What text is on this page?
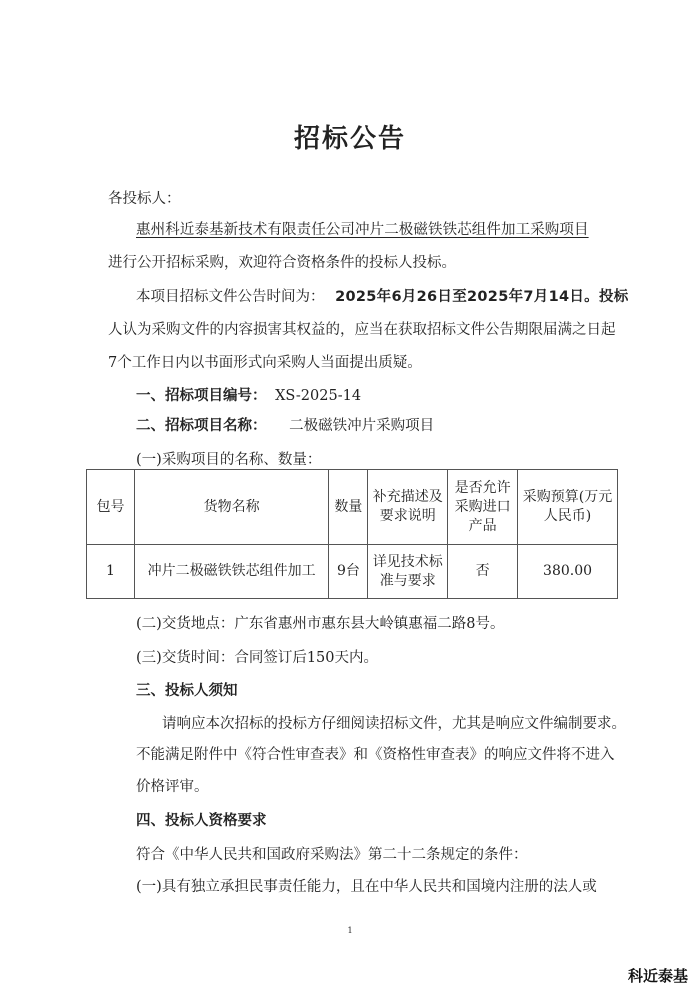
招标公告
各投标人：
惠州科近泰基新技术有限责任公司冲片二极磁铁铁芯组件加工采购项目
进行公开招标采购，欢迎符合资格条件的投标人投标。
本项目招标文件公告时间为： 2025年6月26日至2025年7月14日。投标
人认为采购文件的内容损害其权益的，应当在获取招标文件公告期限届满之日起
7个工作日内以书面形式向采购人当面提出质疑。
一、招标项目编号： XS-2025-14
二、招标项目名称： 二极磁铁冲片采购项目
(一)采购项目的名称、数量：
包号	货物名称	数量	补充描述及要求说明	是否允许采购进口产品	采购预算(万元人民币)

1	冲片二极磁铁铁芯组件加工	9台	详见技术标准与要求	否	380.00
(二)交货地点：广东省惠州市惠东县大岭镇惠福二路8号。
(三)交货时间：合同签订后150天内。
三、投标人须知
请响应本次招标的投标方仔细阅读招标文件，尤其是响应文件编制要求。
不能满足附件中《符合性审查表》和《资格性审查表》的响应文件将不进入
价格评审。
四、投标人资格要求
符合《中华人民共和国政府采购法》第二十二条规定的条件：
(一)具有独立承担民事责任能力，且在中华人民共和国境内注册的法人或
1
科近泰基
